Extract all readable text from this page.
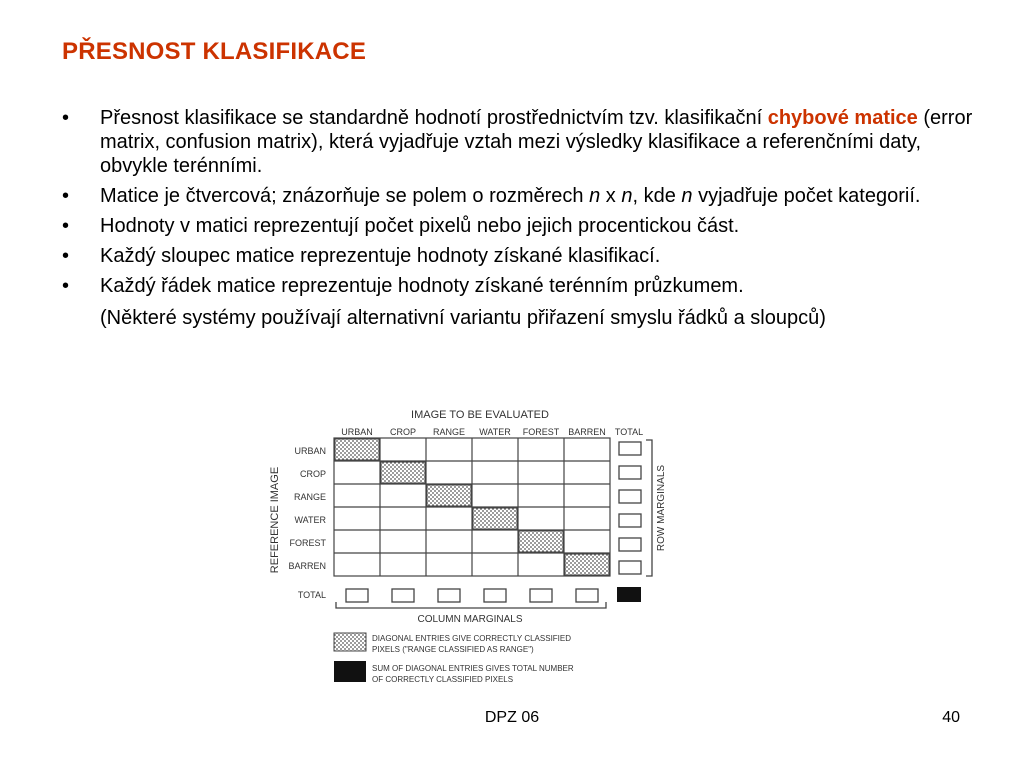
PŘESNOST KLASIFIKACE
• Přesnost klasifikace se standardně hodnotí prostřednictvím tzv. klasifikační chybové matice (error matrix, confusion matrix), která vyjadřuje vztah mezi výsledky klasifikace a referenčními daty, obvykle terénními.
• Matice je čtvercová; znázorňuje se polem o rozměrech n x n, kde n vyjadřuje počet kategorií.
• Hodnoty v matici reprezentují počet pixelů nebo jejich procentickou část.
• Každý sloupec matice reprezentuje hodnoty získané klasifikací.
• Každý řádek matice reprezentuje hodnoty získané terénním průzkumem.
(Některé systémy používají alternativní variantu přiřazení smyslu řádků a sloupců)
IMAGE TO BE EVALUATED
URBAN CROP RANGE WATER FOREST BARREN TOTAL
REFERENCE IMAGE
URBAN
CROP
RANGE
WATER
FOREST
BARREN
TOTAL
ROW MARGINALS
COLUMN MARGINALS
DIAGONAL ENTRIES GIVE CORRECTLY CLASSIFIED
PIXELS ("RANGE CLASSIFIED AS RANGE")
SUM OF DIAGONAL ENTRIES GIVES TOTAL NUMBER
OF CORRECTLY CLASSIFIED PIXELS
DPZ 06	40
